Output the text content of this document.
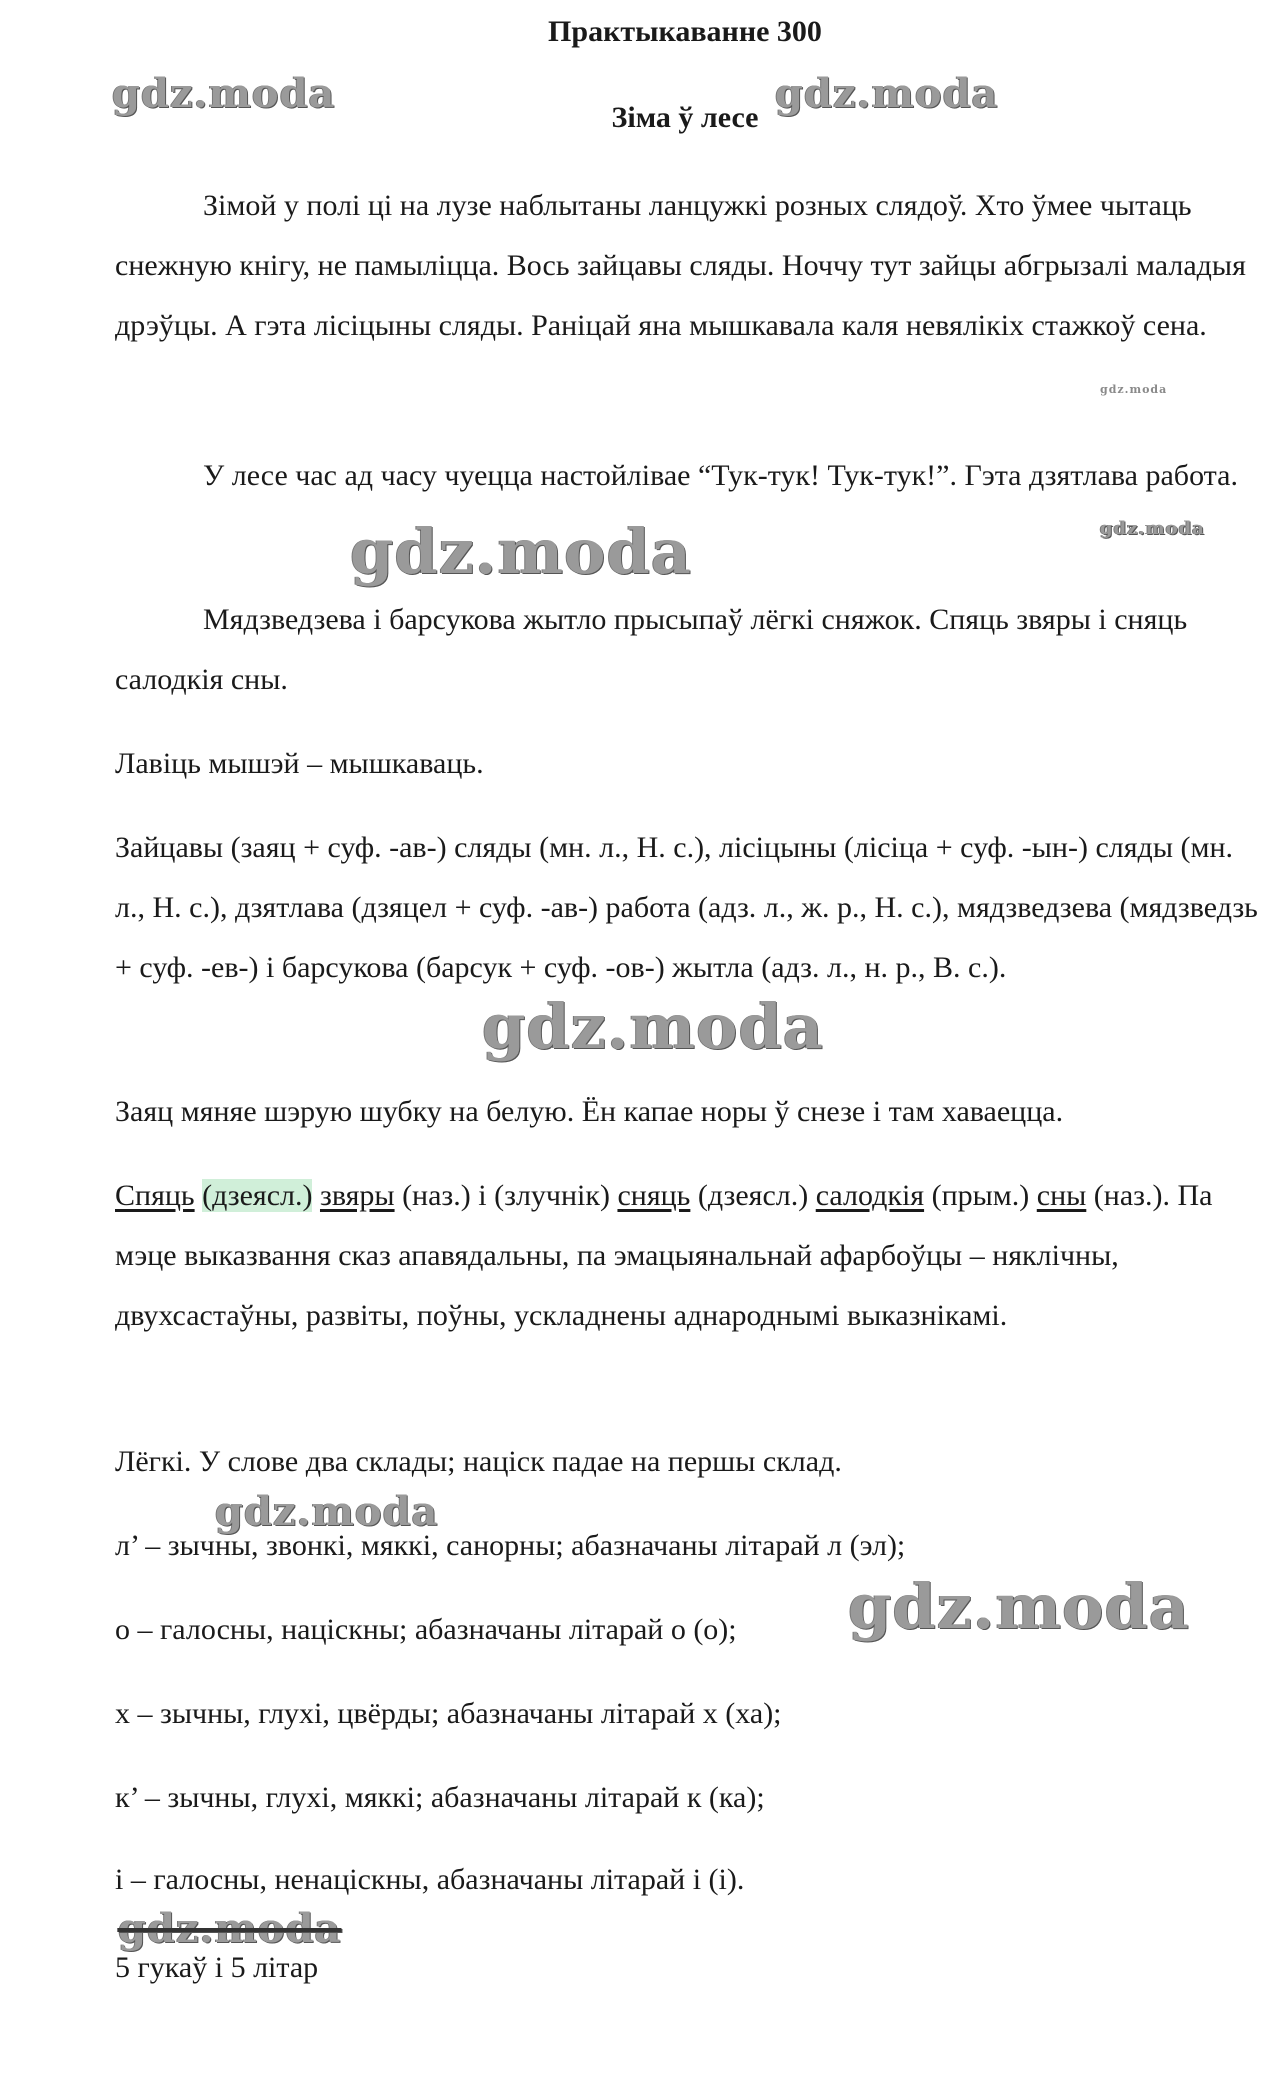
Практыкаванне 300
Зіма ў лесе

Зімой у полі ці на лузе наблытаны ланцужкі розных слядоў. Хто ўмее чытаць снежную кнігу, не памыліцца. Вось зайцавы сляды. Ноччу тут зайцы абгрызалі маладыя дрэўцы. А гэта лісіцыны сляды. Раніцай яна мышкавала каля невялікіх стажкоў сена.

У лесе час ад часу чуецца настойлівае “Тук-тук! Тук-тук!”. Гэта дзятлава работа.

Мядзведзева і барсукова жытло прысыпаў лёгкі сняжок. Спяць звяры і сняць салодкія сны.

Лавіць мышэй – мышкаваць.

Зайцавы (заяц + суф. -ав-) сляды (мн. л., Н. с.), лісіцыны (лісіца + суф. -ын-) сляды (мн. л., Н. с.), дзятлава (дзяцел + суф. -ав-) работа (адз. л., ж. р., Н. с.), мядзведзева (мядзведзь + суф. -ев-) і барсукова (барсук + суф. -ов-) жытла (адз. л., н. р., В. с.).

Заяц мяняе шэрую шубку на белую. Ён капае норы ў снезе і там хаваецца.

Спяць (дзеясл.) звяры (наз.) і (злучнік) сняць (дзеясл.) салодкія (прым.) сны (наз.). Па мэце выказвання сказ апавядальны, па эмацыянальнай афарбоўцы – няклічны, двухсастаўны, развіты, поўны, ускладнены аднароднымі выказнікамі.

Лёгкі. У слове два склады; націск падае на першы склад.

л’ – зычны, звонкі, мяккі, санорны; абазначаны літарай л (эл);

о – галосны, націскны; абазначаны літарай о (о);

х – зычны, глухі, цвёрды; абазначаны літарай х (ха);

к’ – зычны, глухі, мяккі; абазначаны літарай к (ка);

і – галосны, ненаціскны, абазначаны літарай і (і).

5 гукаў і 5 літар

gdz.moda	gdz.moda
gdz.moda
gdz.moda	gdz.moda
gdz.moda
gdz.moda
gdz.moda
gdz.moda
